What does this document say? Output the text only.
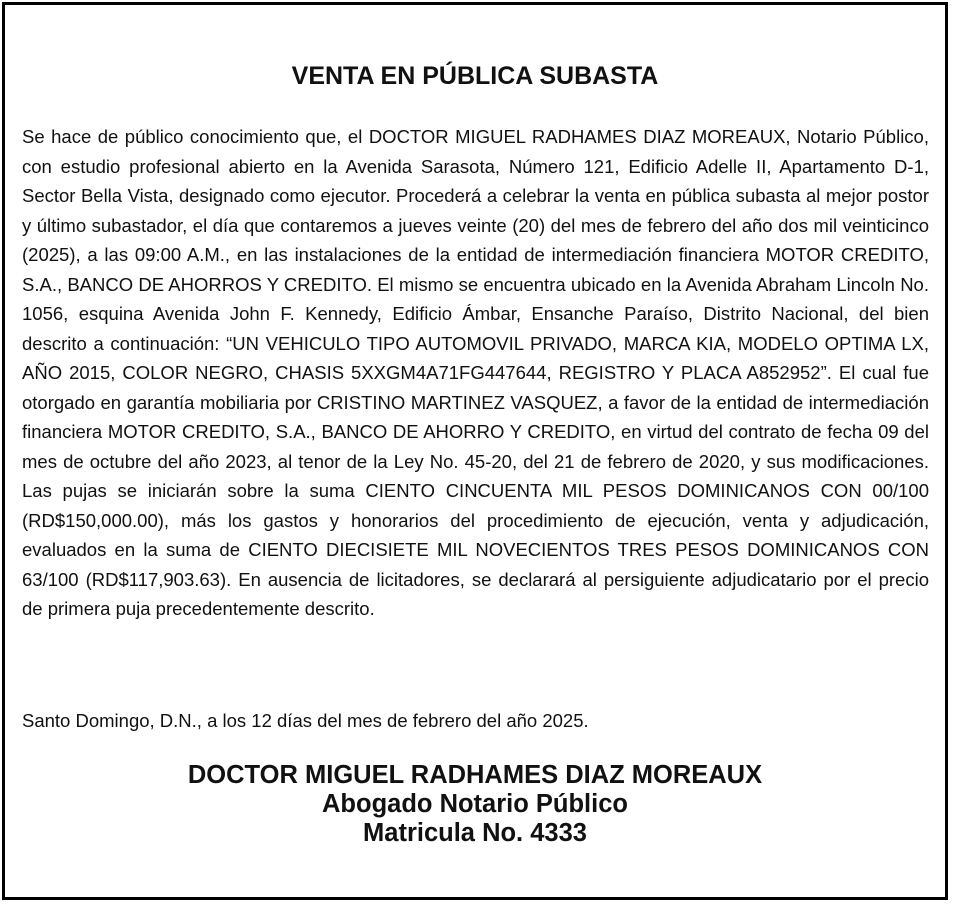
VENTA EN PÚBLICA SUBASTA

Se hace de público conocimiento que, el DOCTOR MIGUEL RADHAMES DIAZ MOREAUX, Notario Público, con estudio profesional abierto en la Avenida Sarasota, Número 121, Edificio Adelle II, Apartamento D-1, Sector Bella Vista, designado como ejecutor. Procederá a celebrar la venta en pública subasta al mejor postor y último subastador, el día que contaremos a jueves veinte (20) del mes de febrero del año dos mil veinticinco (2025), a las 09:00 A.M., en las instalaciones de la entidad de intermediación financiera MOTOR CREDITO, S.A., BANCO DE AHORROS Y CREDITO. El mismo se encuentra ubicado en la Avenida Abraham Lincoln No. 1056, esquina Avenida John F. Kennedy, Edificio Ámbar, Ensanche Paraíso, Distrito Nacional, del bien descrito a continuación: “UN VEHICULO TIPO AUTOMOVIL PRIVADO, MARCA KIA, MODELO OPTIMA LX, AÑO 2015, COLOR NEGRO, CHASIS 5XXGM4A71FG447644, REGISTRO Y PLACA A852952”. El cual fue otorgado en garantía mobiliaria por CRISTINO MARTINEZ VASQUEZ, a favor de la entidad de intermediación financiera MOTOR CREDITO, S.A., BANCO DE AHORRO Y CREDITO, en virtud del contrato de fecha 09 del mes de octubre del año 2023, al tenor de la Ley No. 45-20, del 21 de febrero de 2020, y sus modificaciones. Las pujas se iniciarán sobre la suma CIENTO CINCUENTA MIL PESOS DOMINICANOS CON 00/100 (RD$150,000.00), más los gastos y honorarios del procedimiento de ejecución, venta y adjudicación, evaluados en la suma de CIENTO DIECISIETE MIL NOVECIENTOS TRES PESOS DOMINICANOS CON 63/100 (RD$117,903.63). En ausencia de licitadores, se declarará al persiguiente adjudicatario por el precio de primera puja precedentemente descrito.

Santo Domingo, D.N., a los 12 días del mes de febrero del año 2025.

DOCTOR MIGUEL RADHAMES DIAZ MOREAUX
Abogado Notario Público
Matricula No. 4333
